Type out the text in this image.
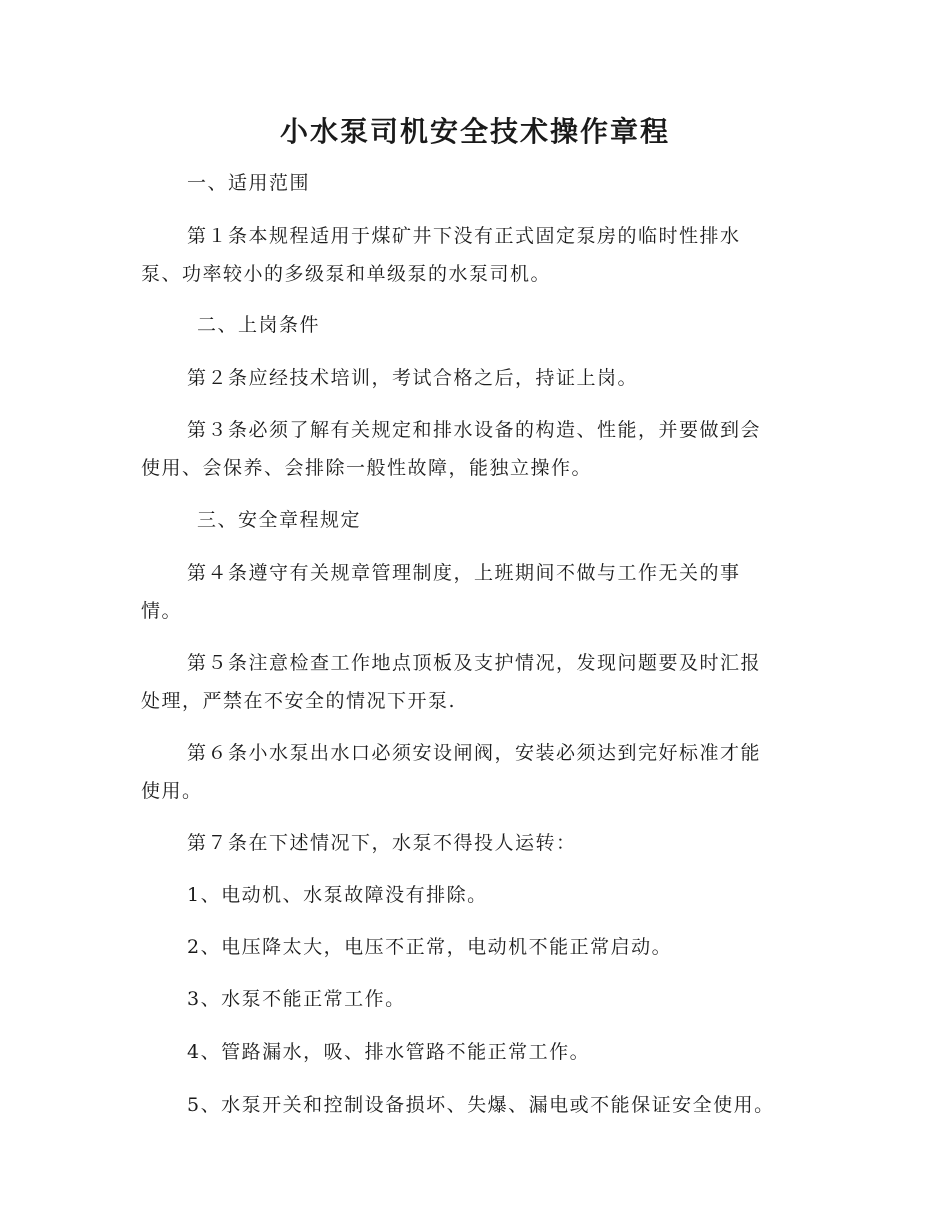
小水泵司机安全技术操作章程

一、适用范围

第１条本规程适用于煤矿井下没有正式固定泵房的临时性排水

泵、功率较小的多级泵和单级泵的水泵司机。

二、上岗条件

第２条应经技术培训，考试合格之后，持证上岗。

第３条必须了解有关规定和排水设备的构造、性能，并要做到会

使用、会保养、会排除一般性故障，能独立操作。

三、安全章程规定

第４条遵守有关规章管理制度，上班期间不做与工作无关的事

情。

第５条注意检查工作地点顶板及支护情况，发现问题要及时汇报

处理，严禁在不安全的情况下开泵.

第６条小水泵出水口必须安设闸阀，安装必须达到完好标准才能

使用。

第７条在下述情况下，水泵不得投人运转：

1、电动机、水泵故障没有排除。

2、电压降太大，电压不正常，电动机不能正常启动。

3、水泵不能正常工作。

4、管路漏水，吸、排水管路不能正常工作。

5、水泵开关和控制设备损坏、失爆、漏电或不能保证安全使用。
